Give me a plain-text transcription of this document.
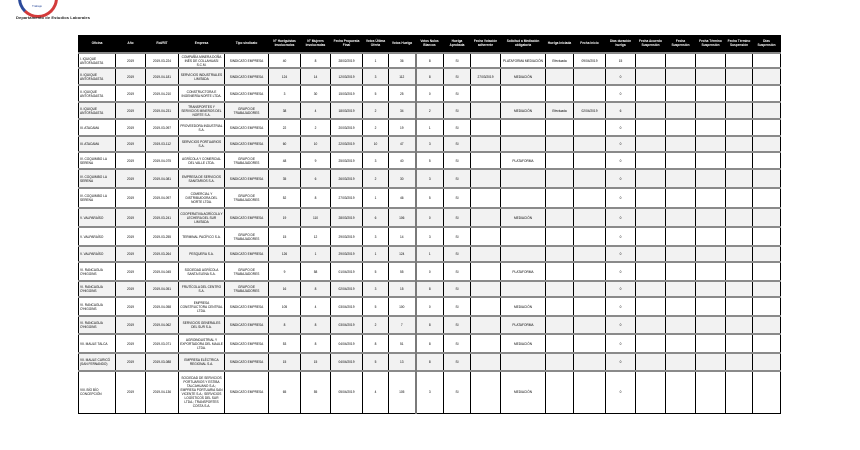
Trabajo
Departamento de Estudios Laborales
Oficina	Año	Rol/RIT	Empresa	Tipo sindicato	N° Huelguistas Involucrados	N° Mujeres Involucradas	Fecha Propuesta Final	Votos Última Oferta	Votos Huelga	Votos Nulos Blancos	Huelga Aprobada	Fecha Votación adherente	Solicitud a Mediación obligatoria	Huelga Iniciada	Fecha Inicio	Días duración huelga	Fecha Acuerdo Suspensión	Fecha Suspensión	Fecha Término Suspensión	Fecha Término Suspensión	Días Suspensión
I. IQUIQUE ANTOFAGASTA	2019	2019-03-224	COMPAÑÍA MINERA DOÑA INÉS DE COLLAHUASI S.C.M.	SINDICATO EMPRESA	40	8	28/02/2019	1	36	8	SI		PLATAFORMA MEDIACIÓN	Efectuada	09/04/2019	15					
II. IQUIQUE ANTOFAGASTA	2019	2019-04-181	SERVICIOS INDUSTRIALES LIMITADA	SINDICATO EMPRESA	124	14	12/03/2019	3	112	8	SI	27/03/2019	MEDIACIÓN			0					
II. IQUIQUE ANTOFAGASTA	2019	2019-04-210	CONSTRUCTORA E INGENIERÍA NORTE LTDA.	SINDICATO EMPRESA	3	30	15/03/2019	5	25	0	SI					0					
II. IQUIQUE ANTOFAGASTA	2019	2019-04-231	TRANSPORTES Y SERVICIOS MINEROS DEL NORTE S.A.	GRUPO DE TRABAJADORES	38	4	18/03/2019	2	34	2	SI		MEDIACIÓN	Efectuada	02/04/2019	6					
III. ATACAMA	2019	2019-03-097	PROVEEDORA INDUSTRIAL S.A.	SINDICATO EMPRESA	22	2	20/03/2019	2	19	1	SI					0					
III. ATACAMA	2019	2019-03-112	SERVICIOS PORTUARIOS S.A.	SINDICATO EMPRESA	60	10	22/03/2019	10	47	3	SI					0					
IV. COQUIMBO LA SERENA	2019	2019-04-075	AGRÍCOLA Y COMERCIAL DEL VALLE LTDA.	GRUPO DE TRABAJADORES	48	9	25/03/2019	3	40	5	SI		PLATAFORMA			0					
IV. COQUIMBO LA SERENA	2019	2019-04-081	EMPRESA DE SERVICIOS SANITARIOS S.A.	SINDICATO EMPRESA	35	6	26/03/2019	2	30	3	SI					0					
IV. COQUIMBO LA SERENA	2019	2019-04-097	COMERCIAL Y DISTRIBUIDORA DEL NORTE LTDA.	GRUPO DE TRABAJADORES	52	8	27/03/2019	1	46	5	SI					0					
V. VALPARAÍSO	2019	2019-03-241	COOPERATIVA AGRÍCOLA Y LECHERA DEL SUR LIMITADA	SINDICATO EMPRESA	19	110	28/03/2019	6	106	0	SI		MEDIACIÓN			0					
V. VALPARAÍSO	2019	2019-03-255	TERMINAL PACÍFICO S.A.	GRUPO DE TRABAJADORES	15	12	29/03/2019	3	14	3	SI					0					
V. VALPARAÍSO	2019	2019-03-264	PESQUERA S.A.	SINDICATO EMPRESA	126	1	29/03/2019	1	124	1	SI					0					
VI. RANCAGUA O'HIGGINS	2019	2019-04-045	SOCIEDAD AGRÍCOLA SANTA ELENA S.A.	GRUPO DE TRABAJADORES	9	58	01/04/2019	5	55	0	SI		PLATAFORMA			0					
VI. RANCAGUA O'HIGGINS	2019	2019-04-051	FRUTÍCOLA DEL CENTRO S.A.	GRUPO DE TRABAJADORES	16	8	02/04/2019	3	15	8	SI					0					
VI. RANCAGUA O'HIGGINS	2019	2019-04-058	EMPRESA CONSTRUCTORA CENTRAL LTDA.	SINDICATO EMPRESA	105	4	03/04/2019	5	100	0	SI		MEDIACIÓN			0					
VI. RANCAGUA O'HIGGINS	2019	2019-04-062	SERVICIOS GENERALES DEL SUR S.A.	SINDICATO EMPRESA	8	8	03/04/2019	2	7	8	SI		PLATAFORMA			0					
VII. MAULE TALCA	2019	2019-03-071	AGROINDUSTRIAL Y EXPORTADORA DEL MAULE LTDA.	SINDICATO EMPRESA	53	8	04/04/2019	8	51	8	SI		MEDIACIÓN			0					
VII. MAULE CURICÓ (SAN FERNANDO)	2019	2019-03-088	EMPRESA ELÉCTRICA REGIONAL S.A.	SINDICATO EMPRESA	15	15	04/04/2019	5	13	8	SI					0					
VIII. BÍO BÍO CONCEPCIÓN	2019	2019-04-136	SOCIEDAD DE SERVICIOS PORTUARIOS Y ESTIBA TALCAHUANO S.A.; EMPRESA PORTUARIA SAN VICENTE S.A.; SERVICIOS LOGÍSTICOS DEL SUR LTDA.; TRANSPORTES COSTA S.A.	SINDICATO EMPRESA	65	55	05/04/2019	4	105	3	SI		MEDIACIÓN			0					
